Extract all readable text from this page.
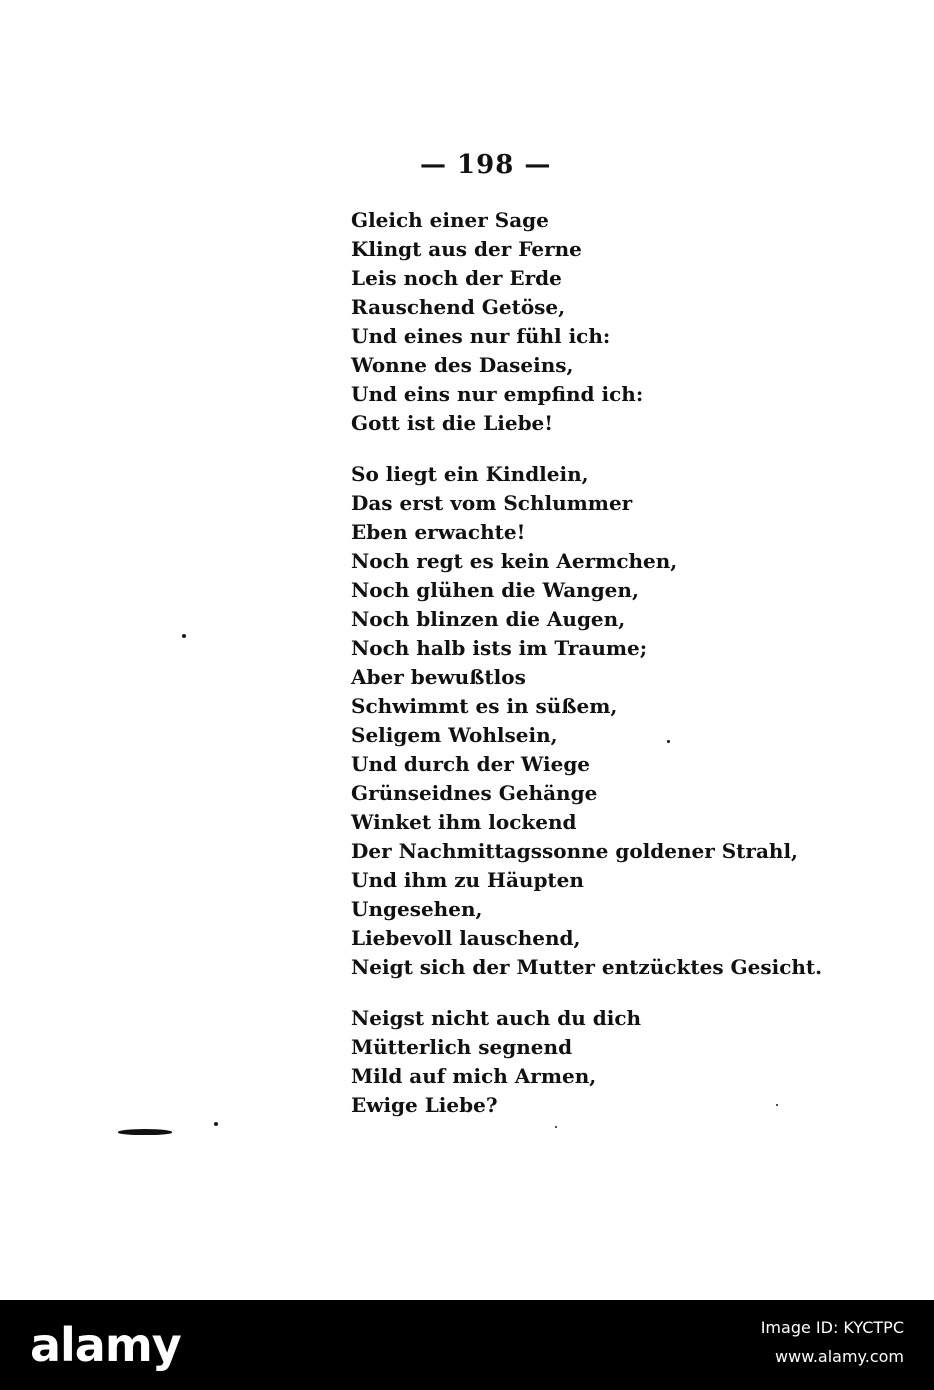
— 198 —
Gleich einer Sage
Klingt aus der Ferne
Leis noch der Erde
Rauschend Getöse,
Und eines nur fühl ich:
Wonne des Daseins,
Und eins nur empfind ich:
Gott ist die Liebe!
So liegt ein Kindlein,
Das erst vom Schlummer
Eben erwachte!
Noch regt es kein Aermchen,
Noch glühen die Wangen,
Noch blinzen die Augen,
Noch halb ists im Traume;
Aber bewußtlos
Schwimmt es in süßem,
Seligem Wohlsein,
Und durch der Wiege
Grünseidnes Gehänge
Winket ihm lockend
Der Nachmittagssonne goldener Strahl,
Und ihm zu Häupten
Ungesehen,
Liebevoll lauschend,
Neigt sich der Mutter entzücktes Gesicht.
Neigst nicht auch du dich
Mütterlich segnend
Mild auf mich Armen,
Ewige Liebe?
alamy	Image ID: KYCTPC
www.alamy.com
